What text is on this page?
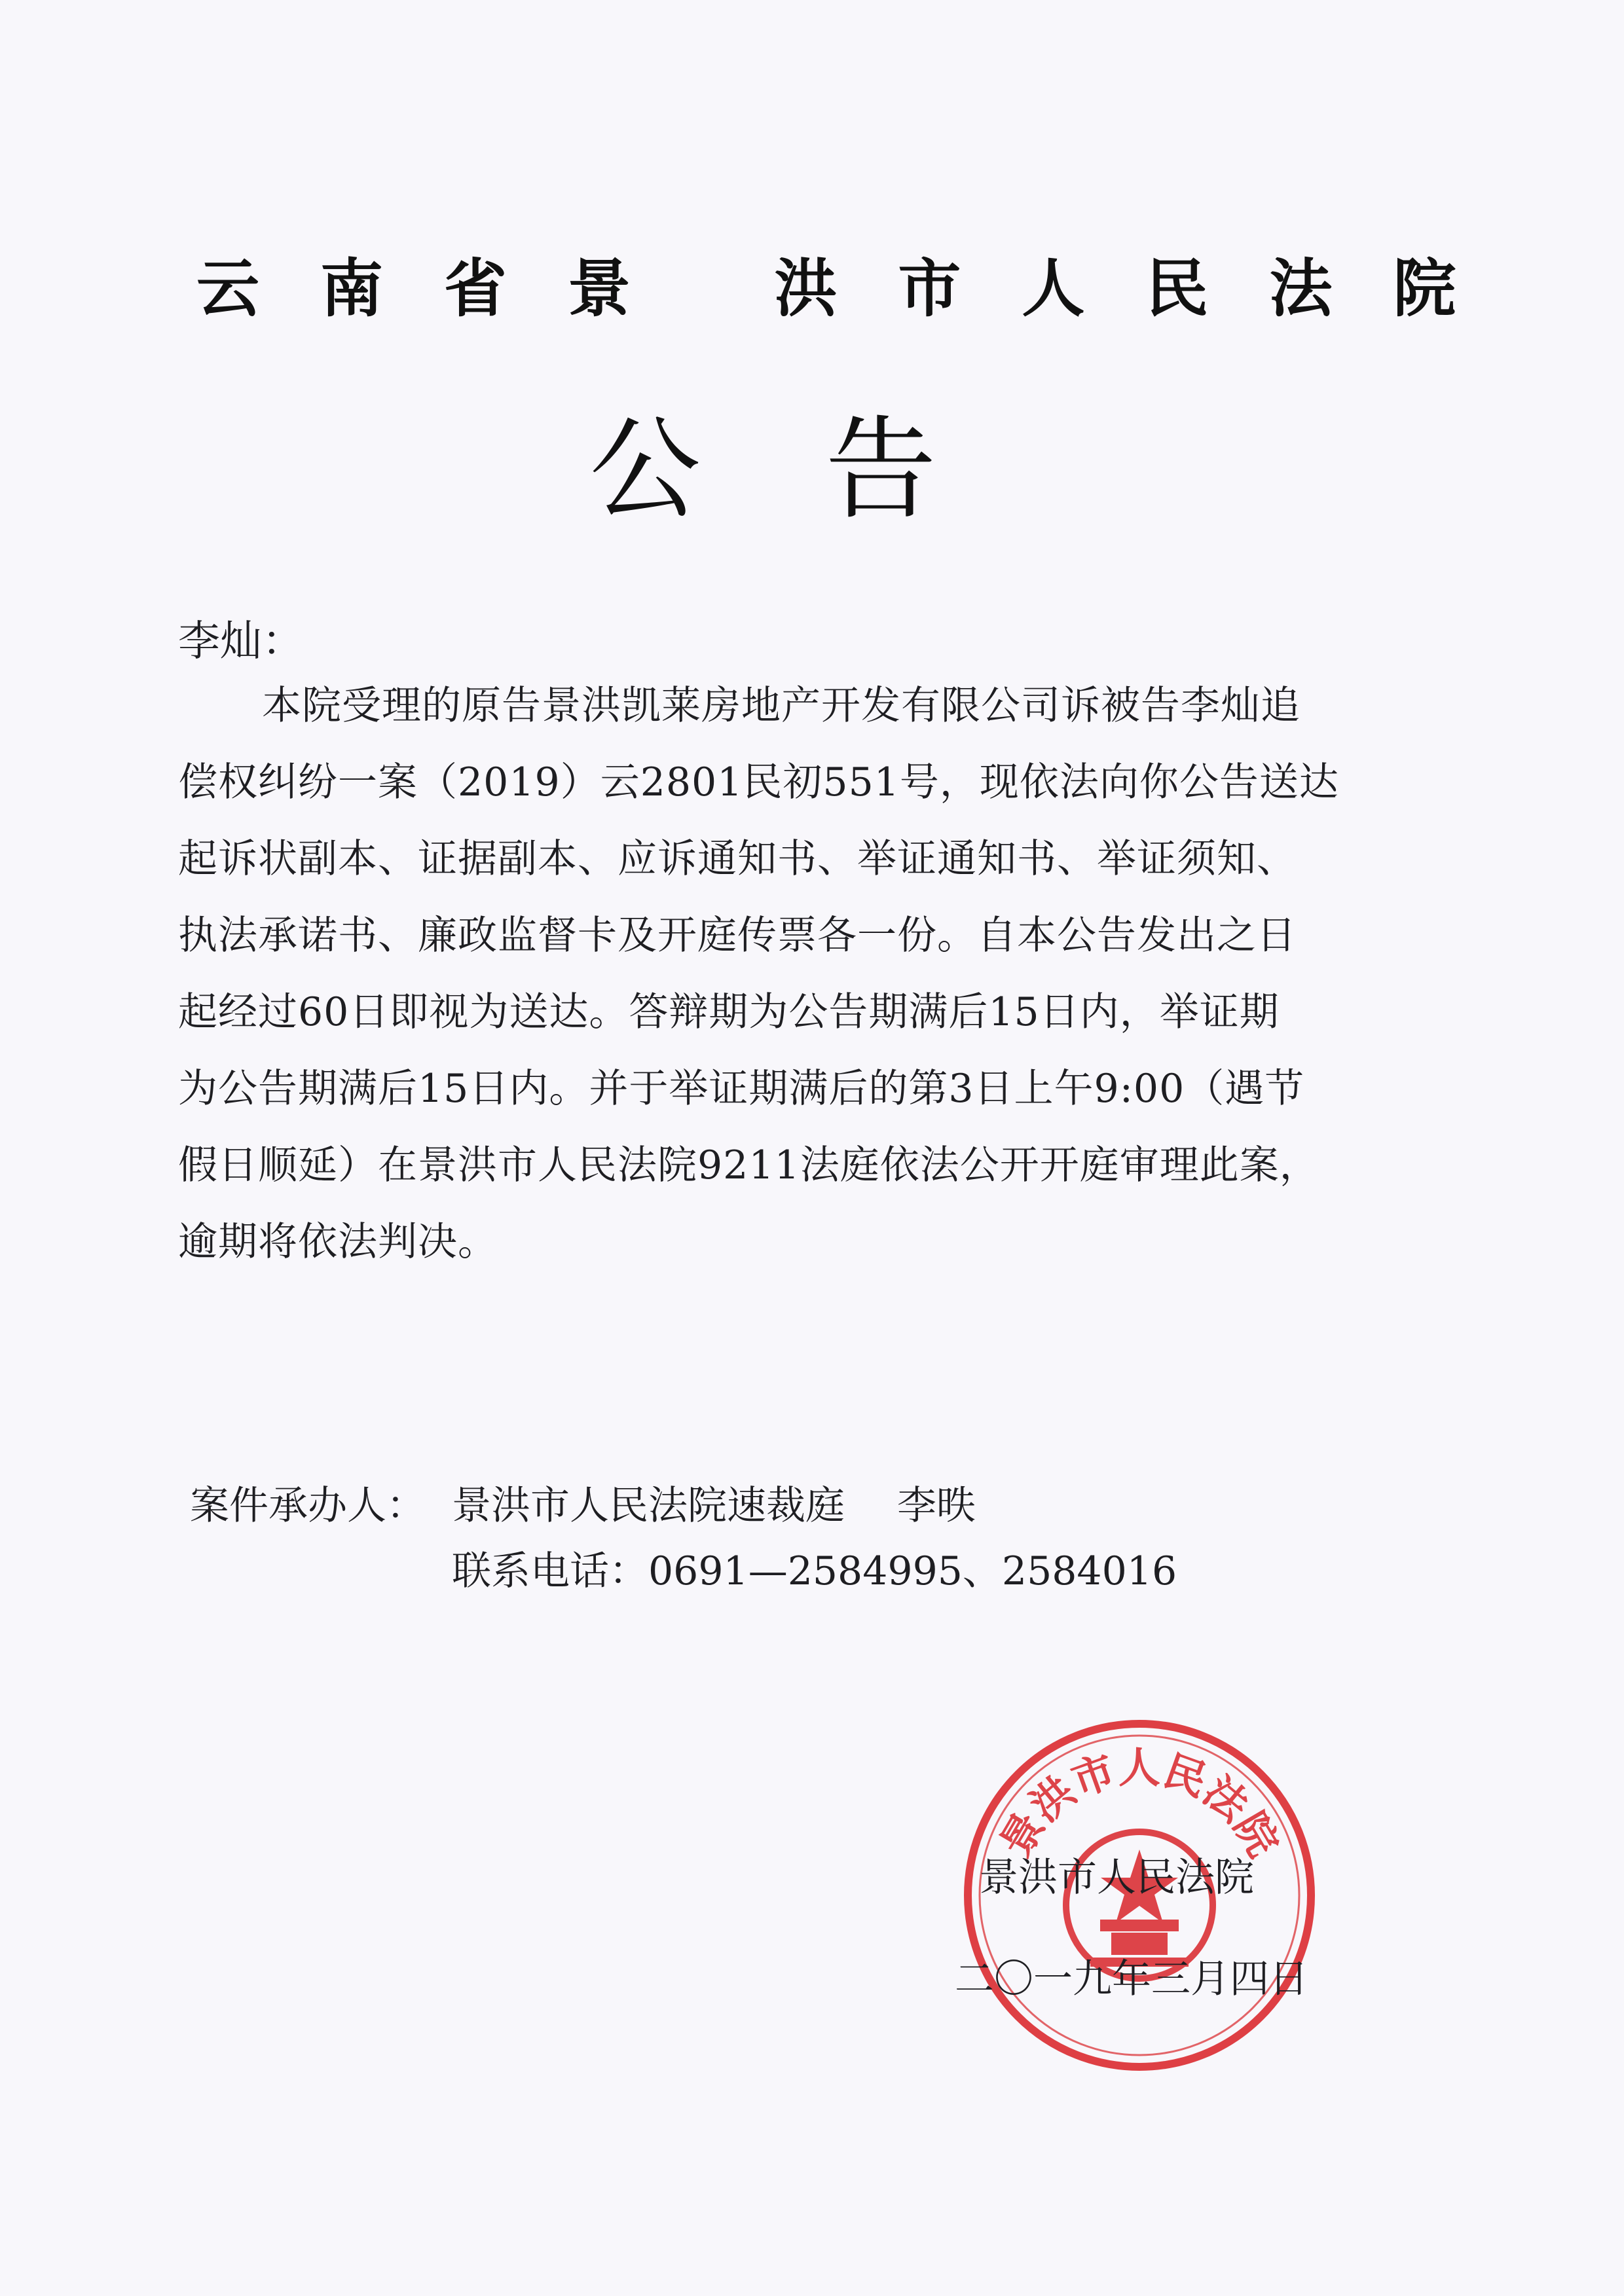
云南省景 洪市人民法院
公告
李灿：
本院受理的原告景洪凯莱房地产开发有限公司诉被告李灿追
偿权纠纷一案（2019）云2801民初551号，现依法向你公告送达
起诉状副本、证据副本、应诉通知书、举证通知书、举证须知、
执法承诺书、廉政监督卡及开庭传票各一份。自本公告发出之日
起经过60日即视为送达。答辩期为公告期满后15日内，举证期
为公告期满后15日内。并于举证期满后的第3日上午9:00（遇节
假日顺延）在景洪市人民法院9211法庭依法公开开庭审理此案，
逾期将依法判决。
案件承办人： 景洪市人民法院速裁庭 李昳
联系电话：0691—2584995、2584016
景洪市人民法院
景洪市人民法院
二〇一九年三月四日
